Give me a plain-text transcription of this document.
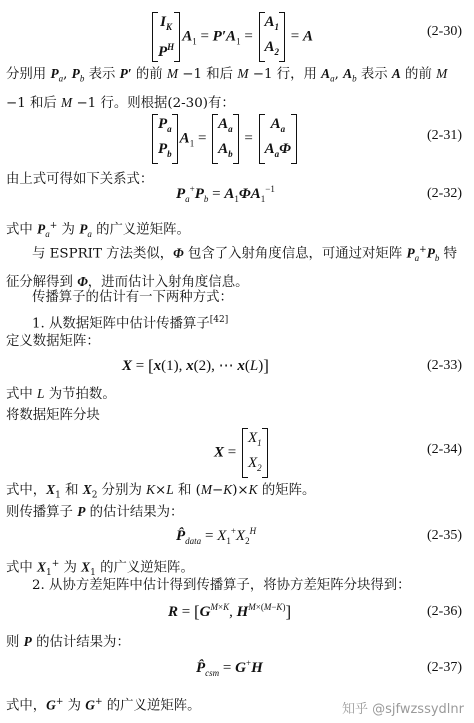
$I_K$
$P^H$
$A_1 = P'A_1$ =
$A_1$
$A_2$
= A	(2-30)
分别用 $P_a$, $P_b$ 表示 P′ 的前 M −1 和后 M −1 行，用 $A_a$, $A_b$ 表示 A 的前 M −1 和后 M −1 行。则根据(2-30)有：
$P_a$
$P_b$
$A_1$ =
$A_a$
$A_b$
=
$A_a$
$A_a\Phi$
(2-31)
由上式可得如下关系式：
$P_a^+P_b = A_1\Phi A_1^{-1}$	(2-32)
式中 $P_a^+$ 为 $P_a$ 的广义逆矩阵。
与 ESPRIT 方法类似，Φ 包含了入射角度信息，可通过对矩阵 $P_a^+P_b$ 特征分解得到 Φ，进而估计入射角度信息。
传播算子的估计有一下两种方式：
1. 从数据矩阵中估计传播算子[42]
定义数据矩阵：
X = [x(1), x(2), ⋯ x(L)]	(2-33)
式中 L 为节拍数。
将数据矩阵分块
X =
$X_1$
$X_2$
(2-34)
式中，$X_1$ 和 $X_2$ 分别为 K×L 和 (M−K)×K 的矩阵。
则传播算子 P 的估计结果为：
$P̂_{data} = X_1^+X_2^H$	(2-35)
式中 $X_1^+$ 为 $X_1$ 的广义逆矩阵。
2. 从协方差矩阵中估计得到传播算子，将协方差矩阵分块得到：
$R = [G^{M\times K}$, $H^{M\times(M-K)}$]	(2-36)
则 P 的估计结果为：
$P̂_{csm} = G^+H$	(2-37)
式中，G+ 为 G+ 的广义逆矩阵。	知乎 @sjfwzssydlnr
